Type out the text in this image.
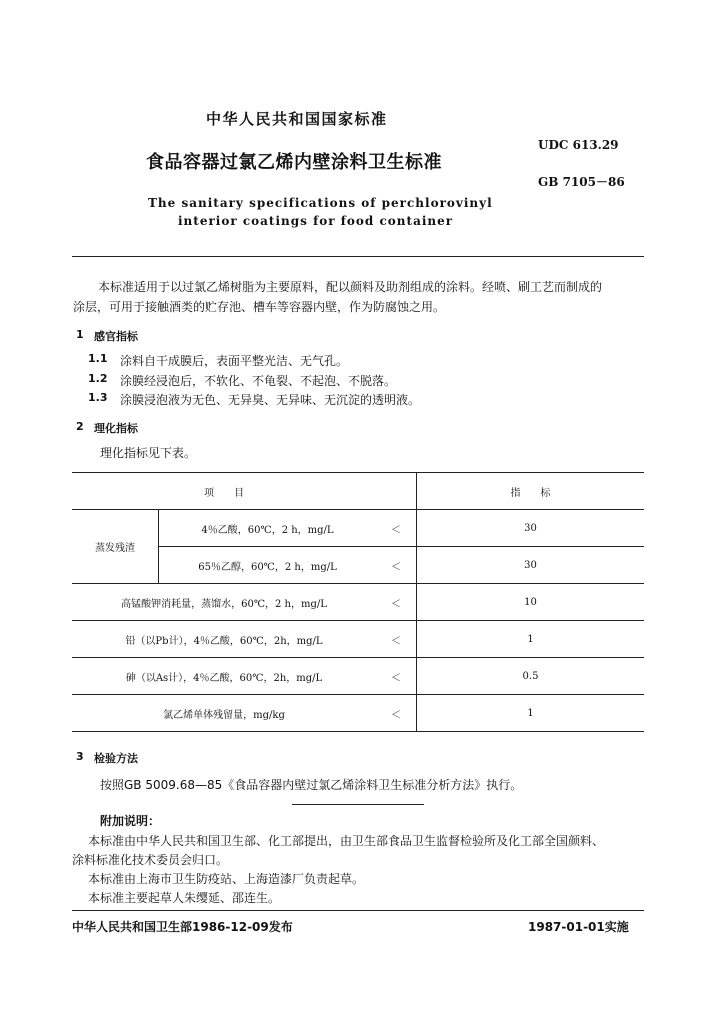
中华人民共和国国家标准
食品容器过氯乙烯内壁涂料卫生标准
The sanitary specifications of perchlorovinyl
interior coatings for food container
UDC 613.29
GB 7105－86
本标准适用于以过氯乙烯树脂为主要原料，配以颜料及助剂组成的涂料。经喷、刷工艺而制成的
涂层，可用于接触酒类的贮存池、槽车等容器内壁，作为防腐蚀之用。
1 感官指标
1.1 涂料自干成膜后，表面平整光洁、无气孔。
1.2 涂膜经浸泡后，不软化、不龟裂、不起泡、不脱落。
1.3 涂膜浸泡液为无色、无异臭、无异味、无沉淀的透明液。
2 理化指标
理化指标见下表。
项　　目			指　　标
蒸发残渣	4％乙酸，60℃，2 h，mg/L	＜	30
	65％乙醇，60℃，2 h，mg/L	＜	30
高锰酸钾消耗量，蒸馏水，60℃，2 h，mg/L		＜	10
铅（以Pb计），4％乙酸，60℃，2h，mg/L		＜	1
砷（以As计），4％乙酸，60℃，2h，mg/L		＜	0.5
氯乙烯单体残留量，mg/kg		＜	1
3 检验方法
按照GB 5009.68—85《食品容器内壁过氯乙烯涂料卫生标准分析方法》执行。
附加说明：
本标准由中华人民共和国卫生部、化工部提出，由卫生部食品卫生监督检验所及化工部全国颜料、
涂料标准化技术委员会归口。
本标准由上海市卫生防疫站、上海造漆厂负责起草。
本标准主要起草人朱缨延、邵连生。
中华人民共和国卫生部1986-12-09发布	1987-01-01实施
